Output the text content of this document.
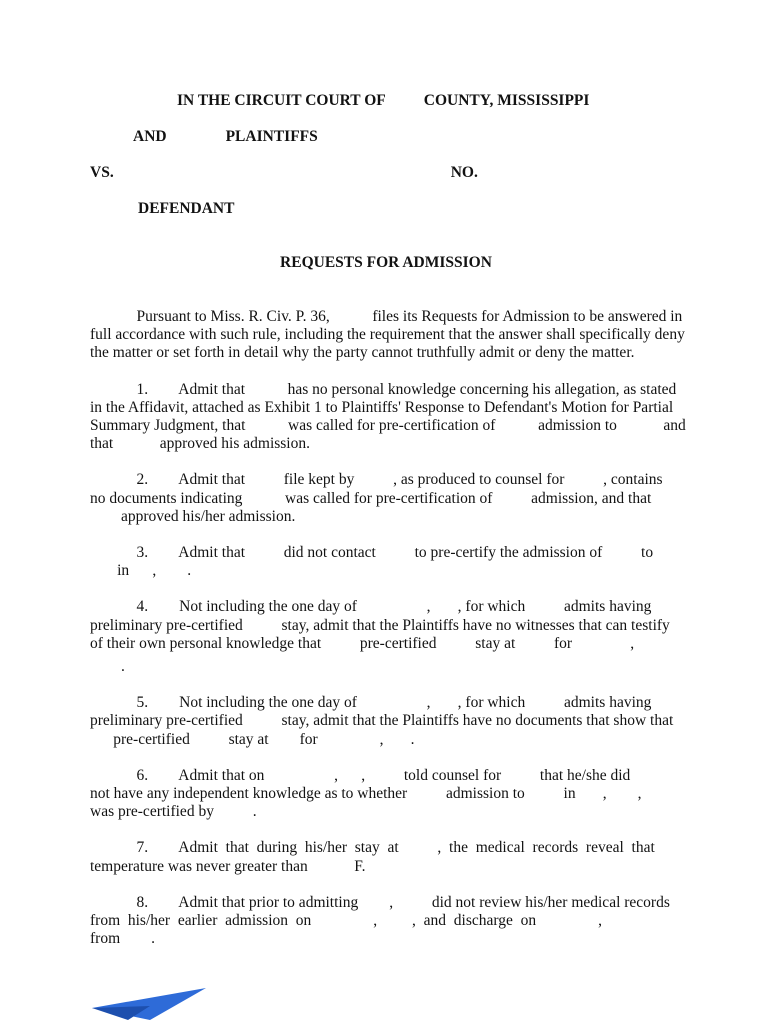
IN THE CIRCUIT COURT OF COUNTY, MISSISSIPPI
AND	PLAINTIFFS
VS.	NO.
DEFENDANT
REQUESTS FOR ADMISSION
Pursuant to Miss. R. Civ. P. 36,           files its Requests for Admission to be answered in
full accordance with such rule, including the requirement that the answer shall specifically deny
the matter or set forth in detail why the party cannot truthfully admit or deny the matter.
1.        Admit that           has no personal knowledge concerning his allegation, as stated
in the Affidavit, attached as Exhibit 1 to Plaintiffs' Response to Defendant's Motion for Partial
Summary Judgment, that           was called for pre-certification of           admission to            and
that            approved his admission.
2.        Admit that          file kept by          , as produced to counsel for          , contains
no documents indicating           was called for pre-certification of          admission, and that
approved his/her admission.
3.        Admit that          did not contact          to pre-certify the admission of          to
in      ,        .
4.        Not including the one day of                  ,       , for which          admits having
preliminary pre-certified          stay, admit that the Plaintiffs have no witnesses that can testify
of their own personal knowledge that          pre-certified          stay at          for               ,
.
5.        Not including the one day of                  ,       , for which          admits having
preliminary pre-certified          stay, admit that the Plaintiffs have no documents that show that
pre-certified          stay at        for                ,       .
6.        Admit that on                  ,      ,          told counsel for          that he/she did
not have any independent knowledge as to whether          admission to          in       ,        ,
was pre-certified by          .
7.        Admit  that  during  his/her  stay  at          ,  the  medical  records  reveal  that
temperature was never greater than            F.
8.        Admit that prior to admitting        ,          did not review his/her medical records
from  his/her  earlier  admission  on                ,         ,  and  discharge  on                ,
from        .
